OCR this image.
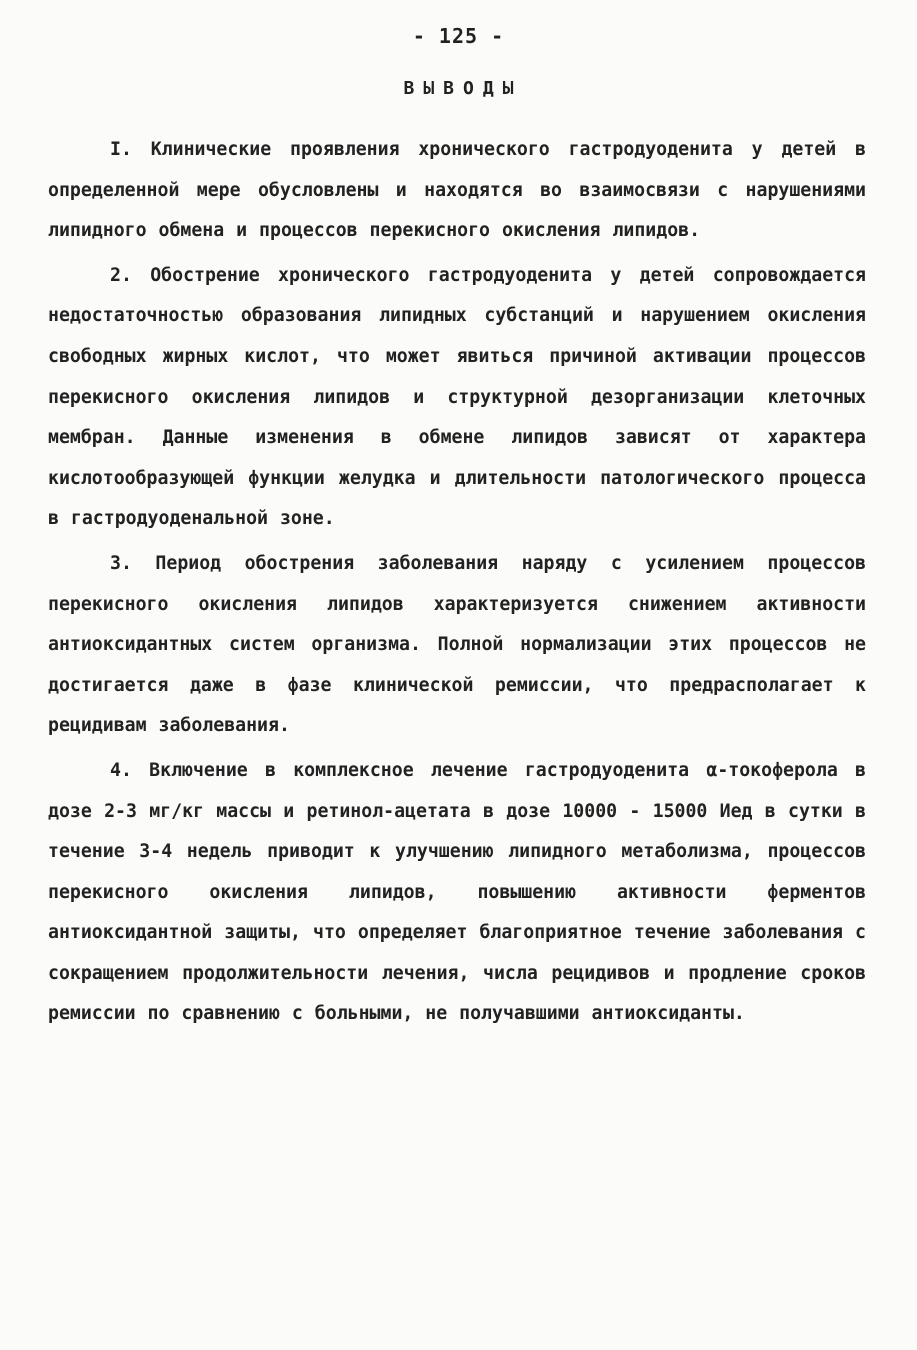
- 125 -
ВЫВОДЫ

I. Клинические проявления хронического гастродуоденита у детей в определенной мере обусловлены и находятся во взаимосвязи с нарушениями липидного обмена и процессов перекисного окисления липидов.

2. Обострение хронического гастродуоденита у детей сопровождается недостаточностью образования липидных субстанций и нарушением окисления свободных жирных кислот, что может явиться причиной активации процессов перекисного окисления липидов и структурной дезорганизации клеточных мембран. Данные изменения в обмене липидов зависят от характера кислотообразующей функции желудка и длительности патологического процесса в гастродуоденальной зоне.

3. Период обострения заболевания наряду с усилением процессов перекисного окисления липидов характеризуется снижением активности антиоксидантных систем организма. Полной нормализации этих процессов не достигается даже в фазе клинической ремиссии, что предрасполагает к рецидивам заболевания.

4. Включение в комплексное лечение гастродуоденита α-токоферола в дозе 2-3 мг/кг массы и ретинол-ацетата в дозе 10000 - 15000 Иед в сутки в течение 3-4 недель приводит к улучшению липидного метаболизма, процессов перекисного окисления липидов, повышению активности ферментов антиоксидантной защиты, что определяет благоприятное течение заболевания с сокращением продолжительности лечения, числа рецидивов и продление сроков ремиссии по сравнению с больными, не получавшими антиоксиданты.
